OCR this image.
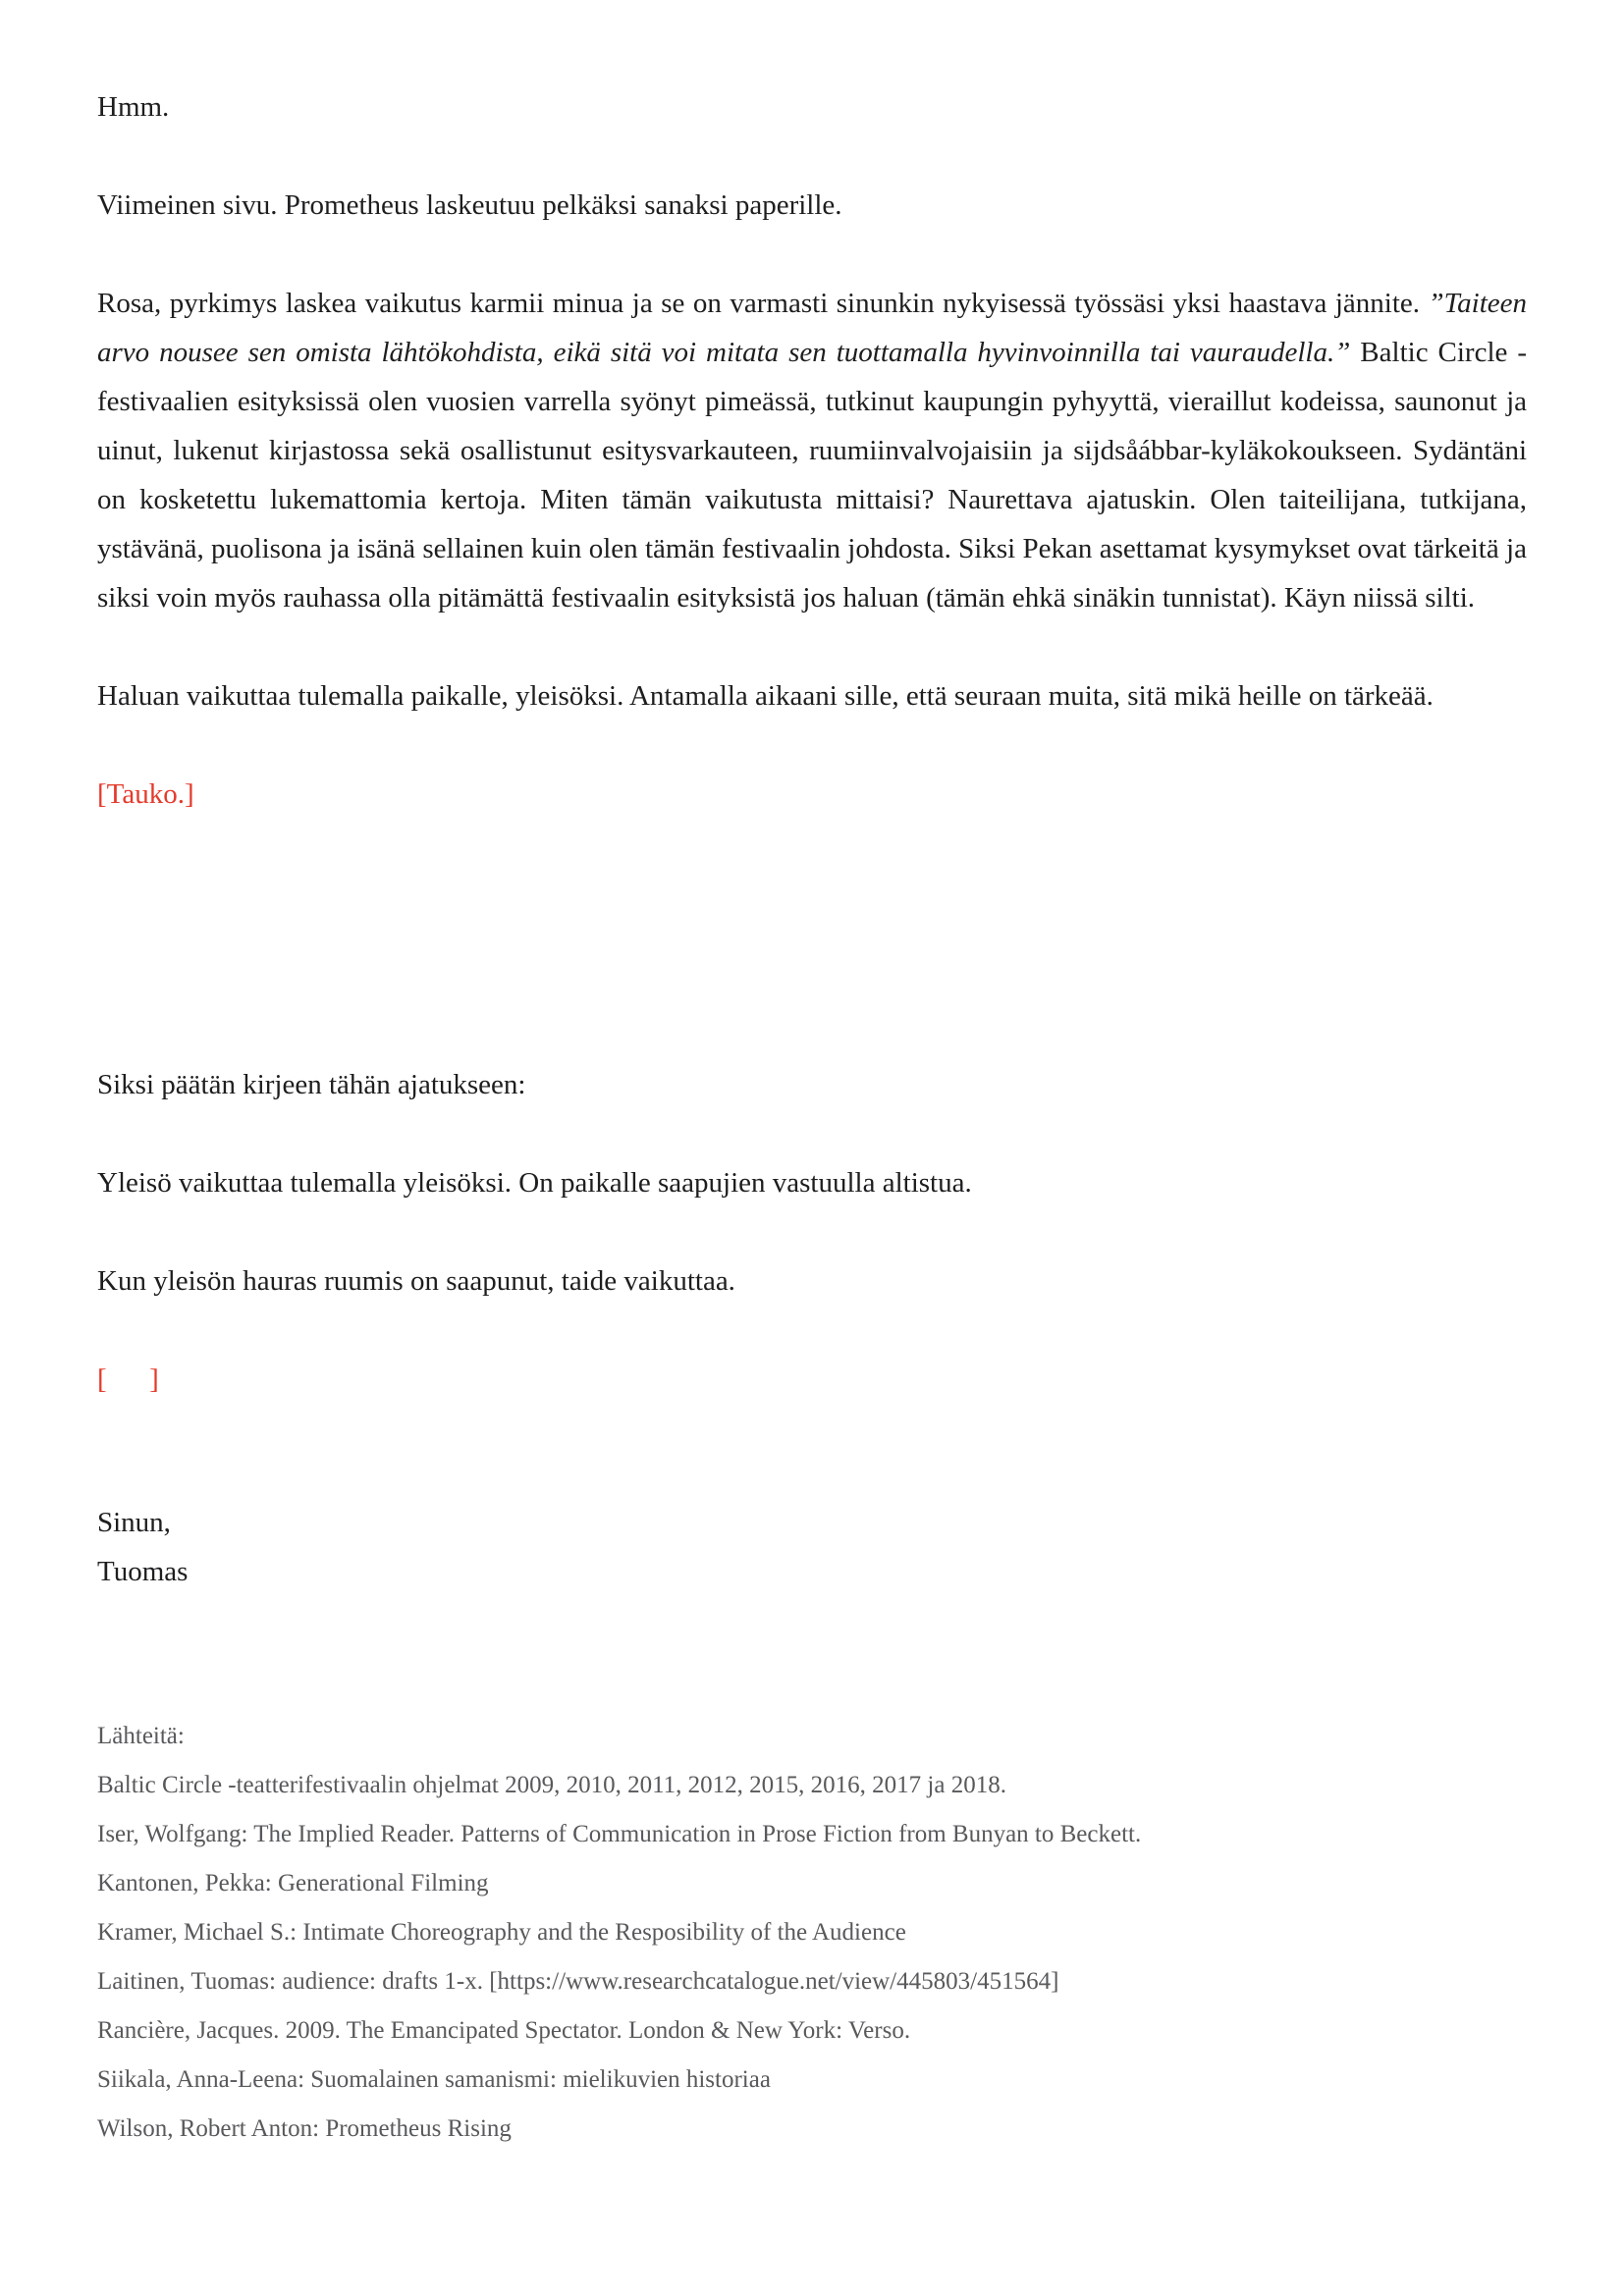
Hmm.

Viimeinen sivu. Prometheus laskeutuu pelkäksi sanaksi paperille.

Rosa, pyrkimys laskea vaikutus karmii minua ja se on varmasti sinunkin nykyisessä työssäsi yksi haastava jännite. ”Taiteen arvo nousee sen omista lähtökohdista, eikä sitä voi mitata sen tuottamalla hyvinvoinnilla tai vauraudella.” Baltic Circle -festivaalien esityksissä olen vuosien varrella syönyt pimeässä, tutkinut kaupungin pyhyyttä, vieraillut kodeissa, saunonut ja uinut, lukenut kirjastossa sekä osallistunut esitysvarkauteen, ruumiinvalvojaisiin ja sijdsåábbar-kyläkokoukseen. Sydäntäni on kosketettu lukemattomia kertoja. Miten tämän vaikutusta mittaisi? Naurettava ajatuskin. Olen taiteilijana, tutkijana, ystävänä, puolisona ja isänä sellainen kuin olen tämän festivaalin johdosta. Siksi Pekan asettamat kysymykset ovat tärkeitä ja siksi voin myös rauhassa olla pitämättä festivaalin esityksistä jos haluan (tämän ehkä sinäkin tunnistat). Käyn niissä silti.

Haluan vaikuttaa tulemalla paikalle, yleisöksi. Antamalla aikaani sille, että seuraan muita, sitä mikä heille on tärkeää.

[Tauko.]

Siksi päätän kirjeen tähän ajatukseen:

Yleisö vaikuttaa tulemalla yleisöksi. On paikalle saapujien vastuulla altistua.

Kun yleisön hauras ruumis on saapunut, taide vaikuttaa.

[      ]

Sinun,

Tuomas

Lähteitä:

Baltic Circle -teatterifestivaalin ohjelmat 2009, 2010, 2011, 2012, 2015, 2016, 2017 ja 2018.

Iser, Wolfgang: The Implied Reader. Patterns of Communication in Prose Fiction from Bunyan to Beckett.

Kantonen, Pekka: Generational Filming

Kramer, Michael S.: Intimate Choreography and the Resposibility of the Audience

Laitinen, Tuomas: audience: drafts 1-x. [https://www.researchcatalogue.net/view/445803/451564]

Rancière, Jacques. 2009. The Emancipated Spectator. London & New York: Verso.

Siikala, Anna-Leena: Suomalainen samanismi: mielikuvien historiaa

Wilson, Robert Anton: Prometheus Rising
